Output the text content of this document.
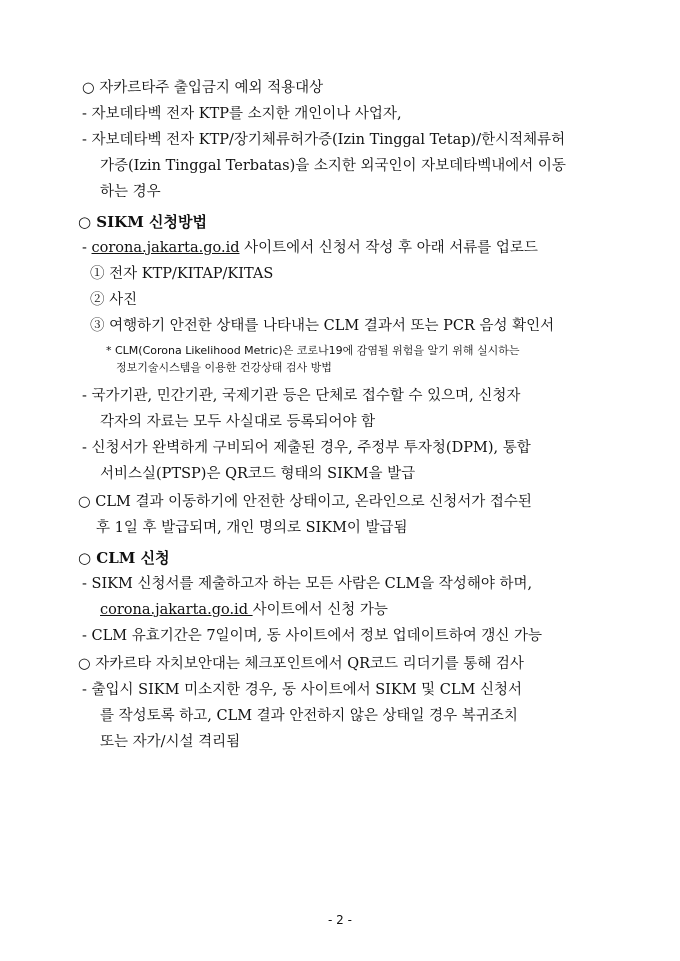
○ 자카르타주 출입금지 예외 적용대상
- 자보데타벡 전자 KTP를 소지한 개인이나 사업자,
- 자보데타벡 전자 KTP/장기체류허가증(Izin Tinggal Tetap)/한시적체류허
가증(Izin Tinggal Terbatas)을 소지한 외국인이 자보데타벡내에서 이동
하는 경우
○ SIKM 신청방법
- corona.jakarta.go.id 사이트에서 신청서 작성 후 아래 서류를 업로드
① 전자 KTP/KITAP/KITAS
② 사진
③ 여행하기 안전한 상태를 나타내는 CLM 결과서 또는 PCR 음성 확인서
* CLM(Corona Likelihood Metric)은 코로나19에 감염될 위험을 알기 위해 실시하는
정보기술시스템을 이용한 건강상태 검사 방법
- 국가기관, 민간기관, 국제기관 등은 단체로 접수할 수 있으며, 신청자
각자의 자료는 모두 사실대로 등록되어야 함
- 신청서가 완벽하게 구비되어 제출된 경우, 주정부 투자청(DPM), 통합
서비스실(PTSP)은 QR코드 형태의 SIKM을 발급
○ CLM 결과 이동하기에 안전한 상태이고, 온라인으로 신청서가 접수된
후 1일 후 발급되며, 개인 명의로 SIKM이 발급됨
○ CLM 신청
- SIKM 신청서를 제출하고자 하는 모든 사람은 CLM을 작성해야 하며,
corona.jakarta.go.id 사이트에서 신청 가능
- CLM 유효기간은 7일이며, 동 사이트에서 정보 업데이트하여 갱신 가능
○ 자카르타 자치보안대는 체크포인트에서 QR코드 리더기를 통해 검사
- 출입시 SIKM 미소지한 경우, 동 사이트에서 SIKM 및 CLM 신청서
를 작성토록 하고, CLM 결과 안전하지 않은 상태일 경우 복귀조치
또는 자가/시설 격리됨
- 2 -
